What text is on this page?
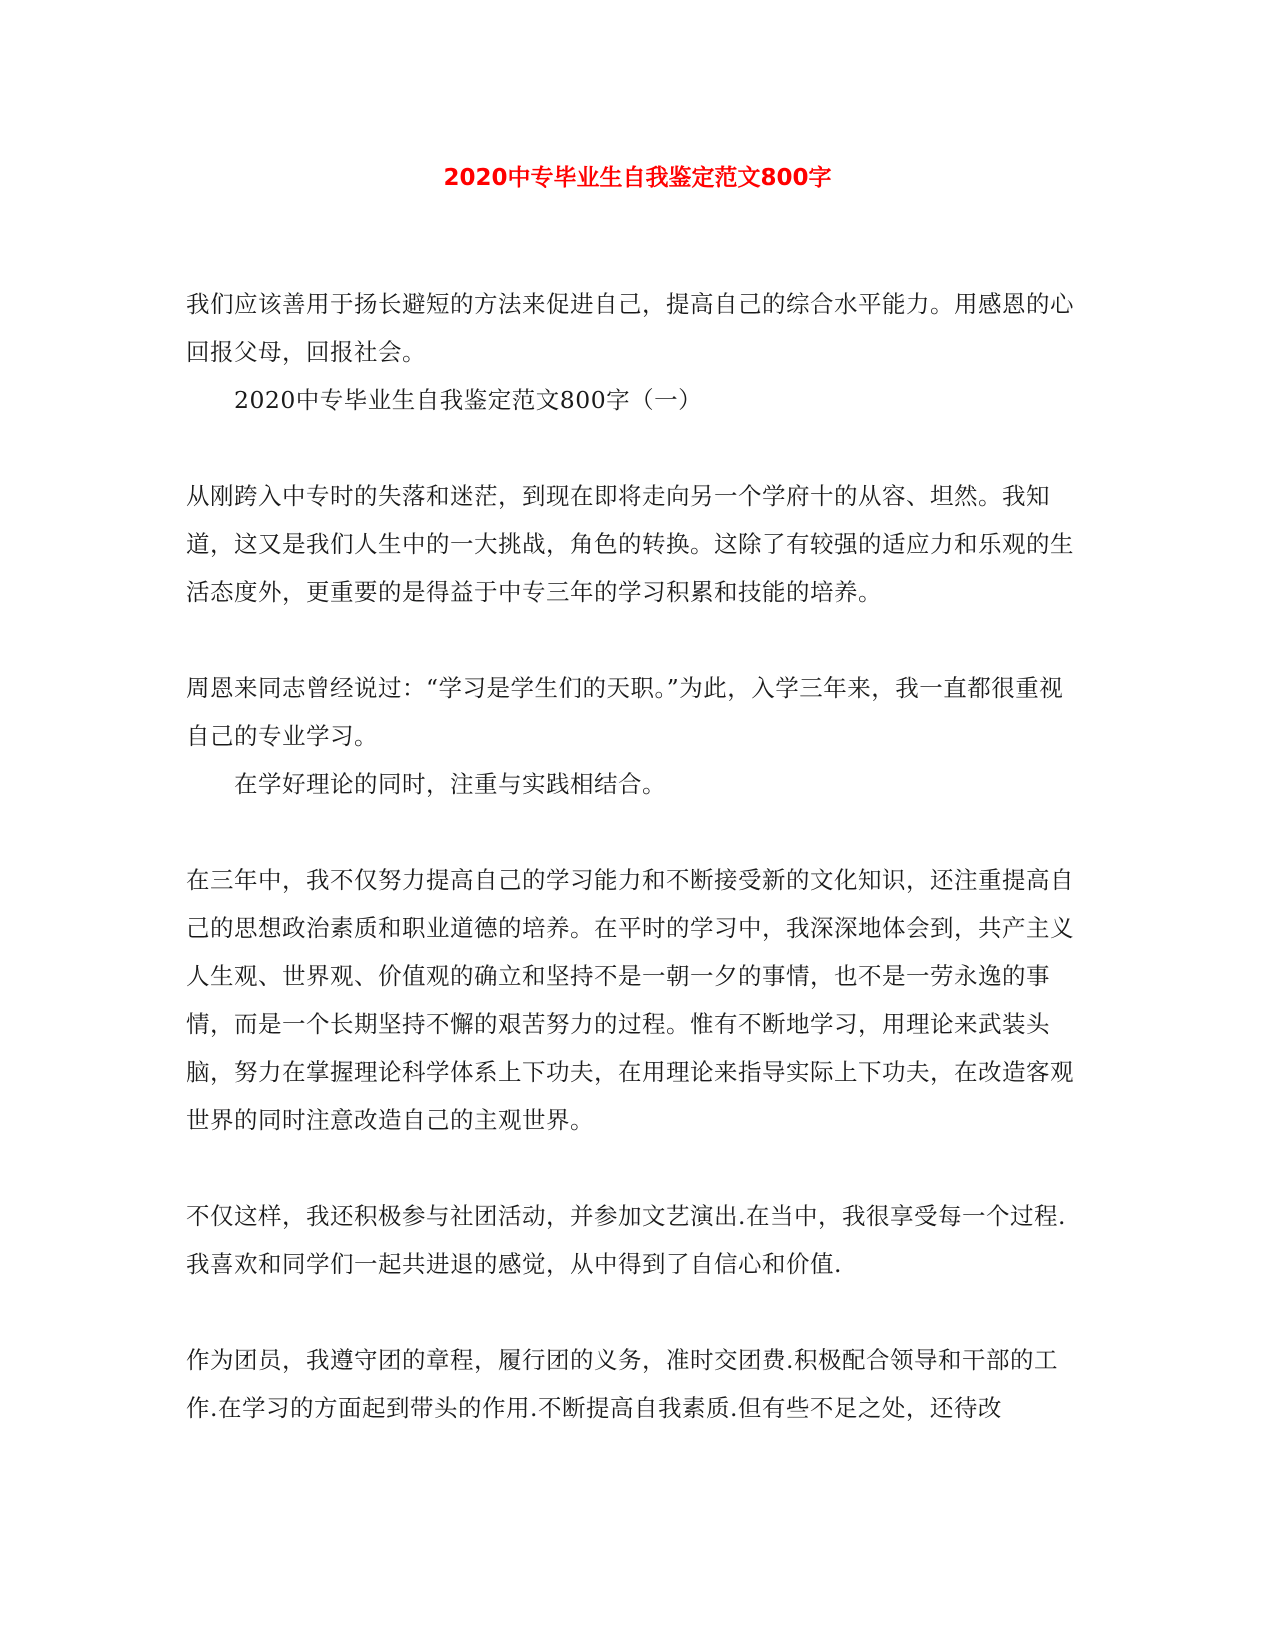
2020中专毕业生自我鉴定范文800字

我们应该善用于扬长避短的方法来促进自己，提高自己的综合水平能力。用感恩的心回报父母，回报社会。

2020中专毕业生自我鉴定范文800字（一）

从刚跨入中专时的失落和迷茫，到现在即将走向另一个学府十的从容、坦然。我知道，这又是我们人生中的一大挑战，角色的转换。这除了有较强的适应力和乐观的生活态度外，更重要的是得益于中专三年的学习积累和技能的培养。

周恩来同志曾经说过：“学习是学生们的天职。”为此，入学三年来，我一直都很重视自己的专业学习。

在学好理论的同时，注重与实践相结合。

在三年中，我不仅努力提高自己的学习能力和不断接受新的文化知识，还注重提高自己的思想政治素质和职业道德的培养。在平时的学习中，我深深地体会到，共产主义人生观、世界观、价值观的确立和坚持不是一朝一夕的事情，也不是一劳永逸的事情，而是一个长期坚持不懈的艰苦努力的过程。惟有不断地学习，用理论来武装头脑，努力在掌握理论科学体系上下功夫，在用理论来指导实际上下功夫，在改造客观世界的同时注意改造自己的主观世界。

不仅这样，我还积极参与社团活动，并参加文艺演出.在当中，我很享受每一个过程.我喜欢和同学们一起共进退的感觉，从中得到了自信心和价值.

作为团员，我遵守团的章程，履行团的义务，准时交团费.积极配合领导和干部的工作.在学习的方面起到带头的作用.不断提高自我素质.但有些不足之处，还待改
